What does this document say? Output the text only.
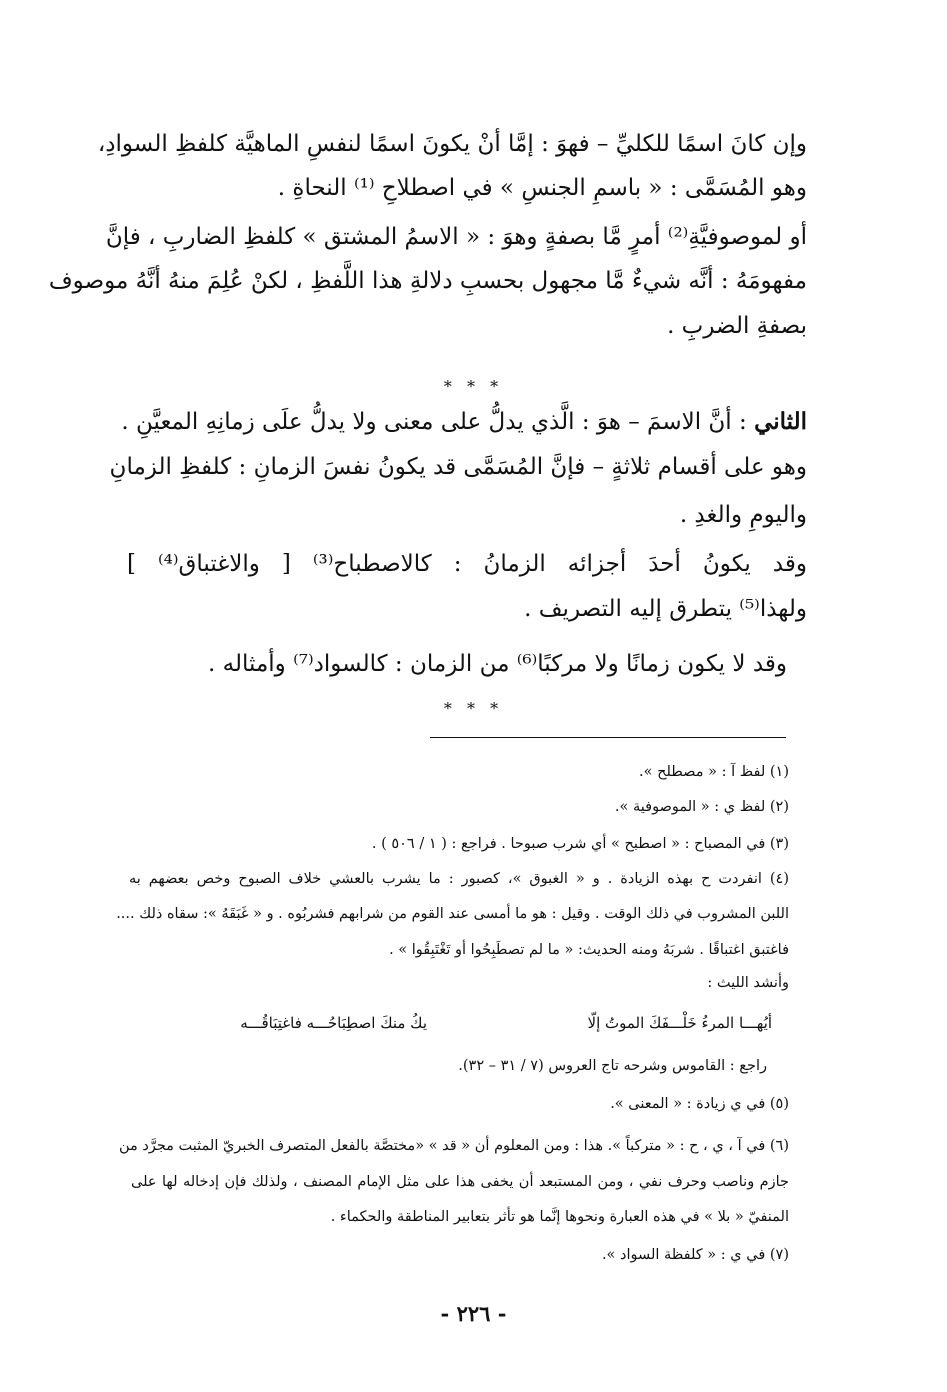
وإن كانَ اسمًا للكليِّ – فهوَ : إمَّا أنْ يكونَ اسمًا لنفسِ الماهيَّة كلفظِ السوادِ،
وهو المُسَمَّى : « باسمِ الجنسِ » في اصطلاحِ ⁽¹⁾ النحاةِ .
أو لموصوفيَّةِ⁽²⁾ أمرٍ مَّا بصفةٍ وهوَ : « الاسمُ المشتق » كلفظِ الضاربِ ، فإنَّ
مفهومَهُ : أنَّه شيءٌ مَّا مجهول بحسبِ دلالةِ هذا اللَّفظِ ، لكنْ عُلِمَ منهُ أنَّهُ موصوف
بصفةِ الضربِ .
* * *
الثاني : أنَّ الاسمَ – هوَ : الَّذي يدلُّ على معنى ولا يدلُّ علَى زمانِهِ المعيَّنِ .
وهو على أقسام ثلاثةٍ – فإنَّ المُسَمَّى قد يكونُ نفسَ الزمانِ : كلفظِ الزمانِ
واليومِ والغدِ .
وقد يكونُ أحدَ أجزائه الزمانُ : كالاصطباح⁽³⁾ [ والاغتباق⁽⁴⁾ ]
ولهذا⁽⁵⁾ يتطرق إليه التصريف .
وقد لا يكون زمانًا ولا مركبًا⁽⁶⁾ من الزمان : كالسواد⁽⁷⁾ وأمثاله .
* * *
(١) لفظ آ : « مصطلح ».
(٢) لفظ ي : « الموصوفية ».
(٣) في المصباح : « اصطبح » أي شرب صبوحا . فراجع : ( ١ / ٥٠٦ ) .
(٤) انفردت ح بهذه الزيادة . و « الغبوق »، كصبور : ما يشرب بالعشي خلاف الصبوح وخص بعضهم به
اللبن المشروب في ذلك الوقت . وقيل : هو ما أمسى عند القوم من شرابهم فشربُوه . و « غَبَقَهُ »: سقاه ذلك ....
فاغتبق اغتباقًا . شربَهُ ومنه الحديث: « ما لم تصطَبِحُوا أو تَغْتَبِقُوا » .
وأنشد الليث :
أيُهـــا المرءُ خَلْـــفَكَ الموتُ إلّا
يكُ منكَ اصطِبَاحُـــه فاغتِبَاقُـــه
راجع : القاموس وشرحه تاج العروس (٧ / ٣١ – ٣٢).
(٥) في ي زيادة : « المعنى ».
(٦) في آ ، ي ، ح : « متركباً ». هذا : ومن المعلوم أن « قد » «مختصَّة بالفعل المتصرف الخبريّ المثبت مجرَّد من
جازم وناصب وحرف نفي ، ومن المستبعد أن يخفى هذا على مثل الإمام المصنف ، ولذلك فإن إدخاله لها على
المنفيّ « بلا » في هذه العبارة ونحوها إنَّما هو تأثر بتعابير المناطقة والحكماء .
(٧) في ي : « كلفظة السواد ».
- ٢٢٦ -
